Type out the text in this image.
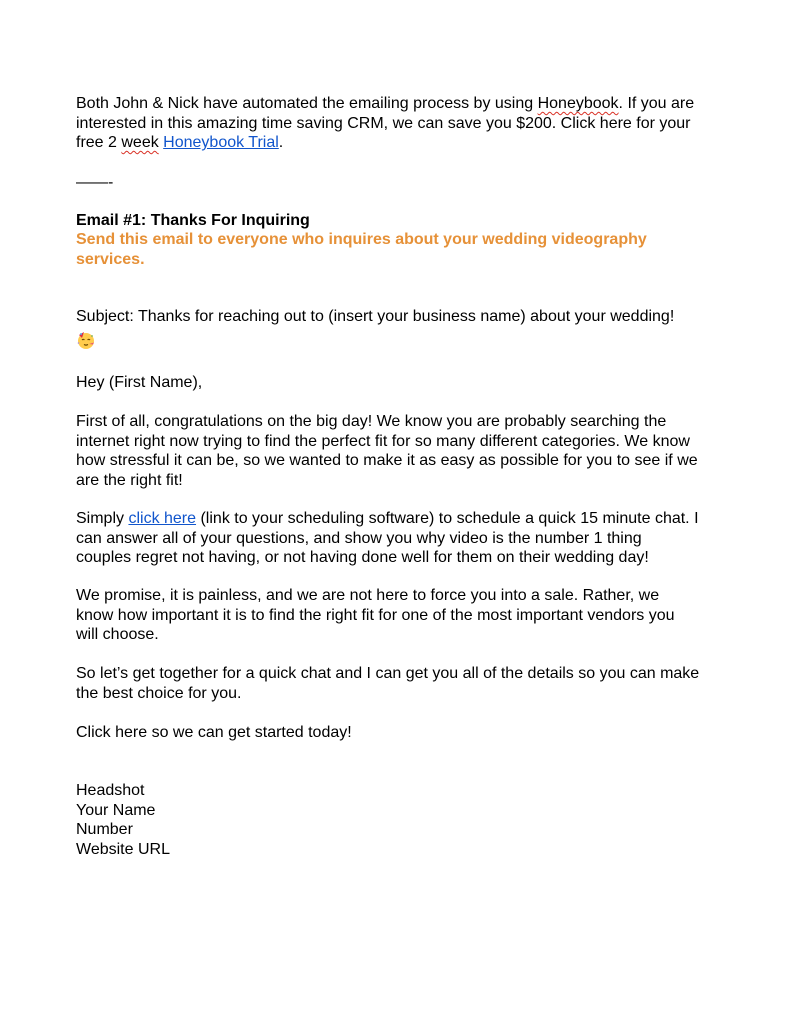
Both John & Nick have automated the emailing process by using Honeybook. If you are
interested in this amazing time saving CRM, we can save you $200. Click here for your
free 2 week Honeybook Trial.

——-

Email #1: Thanks For Inquiring

Send this email to everyone who inquires about your wedding videography
services.

Subject: Thanks for reaching out to (insert your business name) about your wedding!

Hey (First Name),

First of all, congratulations on the big day! We know you are probably searching the
internet right now trying to find the perfect fit for so many different categories. We know
how stressful it can be, so we wanted to make it as easy as possible for you to see if we
are the right fit!

Simply click here (link to your scheduling software) to schedule a quick 15 minute chat. I
can answer all of your questions, and show you why video is the number 1 thing
couples regret not having, or not having done well for them on their wedding day!

We promise, it is painless, and we are not here to force you into a sale. Rather, we
know how important it is to find the right fit for one of the most important vendors you
will choose.

So let’s get together for a quick chat and I can get you all of the details so you can make
the best choice for you.

Click here so we can get started today!

Headshot
Your Name
Number
Website URL
